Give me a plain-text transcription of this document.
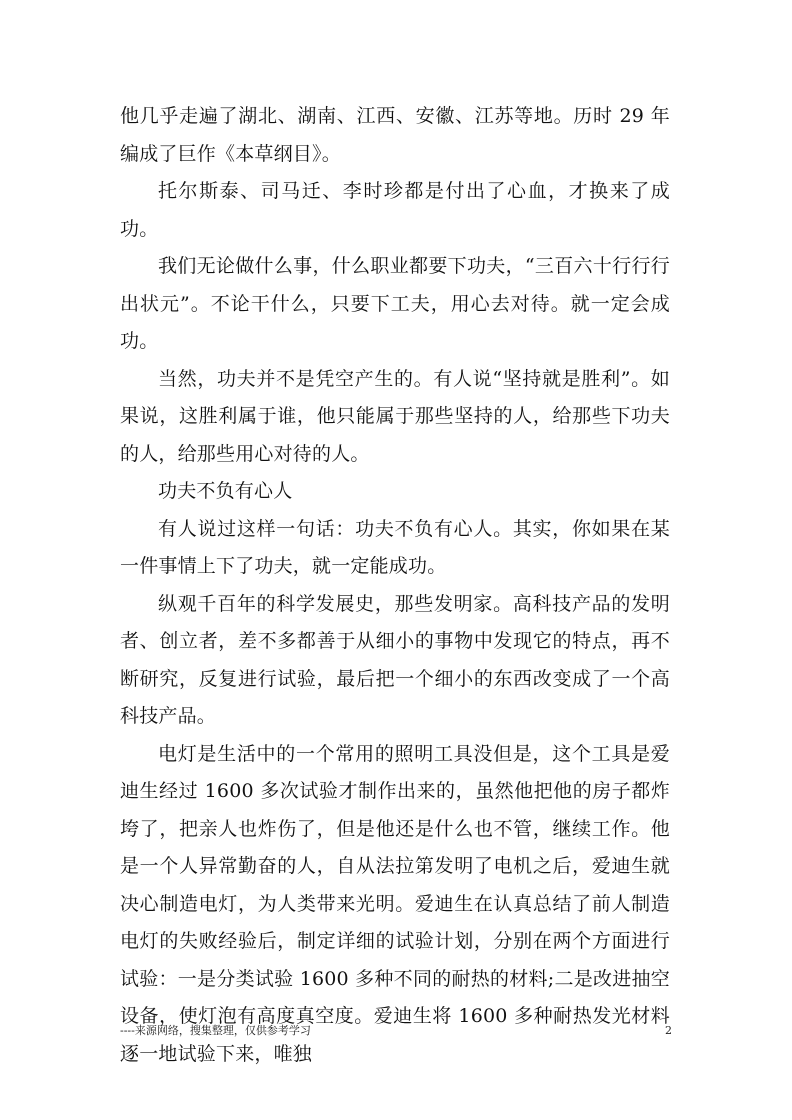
他几乎走遍了湖北、湖南、江西、安徽、江苏等地。历时 29 年编成了巨作《本草纲目》。

托尔斯泰、司马迁、李时珍都是付出了心血，才换来了成功。

我们无论做什么事，什么职业都要下功夫，“三百六十行行行出状元”。不论干什么，只要下工夫，用心去对待。就一定会成功。

当然，功夫并不是凭空产生的。有人说“坚持就是胜利”。如果说，这胜利属于谁，他只能属于那些坚持的人，给那些下功夫的人，给那些用心对待的人。

功夫不负有心人

有人说过这样一句话：功夫不负有心人。其实，你如果在某一件事情上下了功夫，就一定能成功。

纵观千百年的科学发展史，那些发明家。高科技产品的发明者、创立者，差不多都善于从细小的事物中发现它的特点，再不断研究，反复进行试验，最后把一个细小的东西改变成了一个高科技产品。

电灯是生活中的一个常用的照明工具没但是，这个工具是爱迪生经过 1600 多次试验才制作出来的，虽然他把他的房子都炸垮了，把亲人也炸伤了，但是他还是什么也不管，继续工作。他是一个人异常勤奋的人，自从法拉第发明了电机之后，爱迪生就决心制造电灯，为人类带来光明。爱迪生在认真总结了前人制造电灯的失败经验后，制定详细的试验计划，分别在两个方面进行试验：一是分类试验 1600 多种不同的耐热的材料;二是改进抽空设备，使灯泡有高度真空度。爱迪生将 1600 多种耐热发光材料逐一地试验下来，唯独

----来源网络，搜集整理，仅供参考学习	2
